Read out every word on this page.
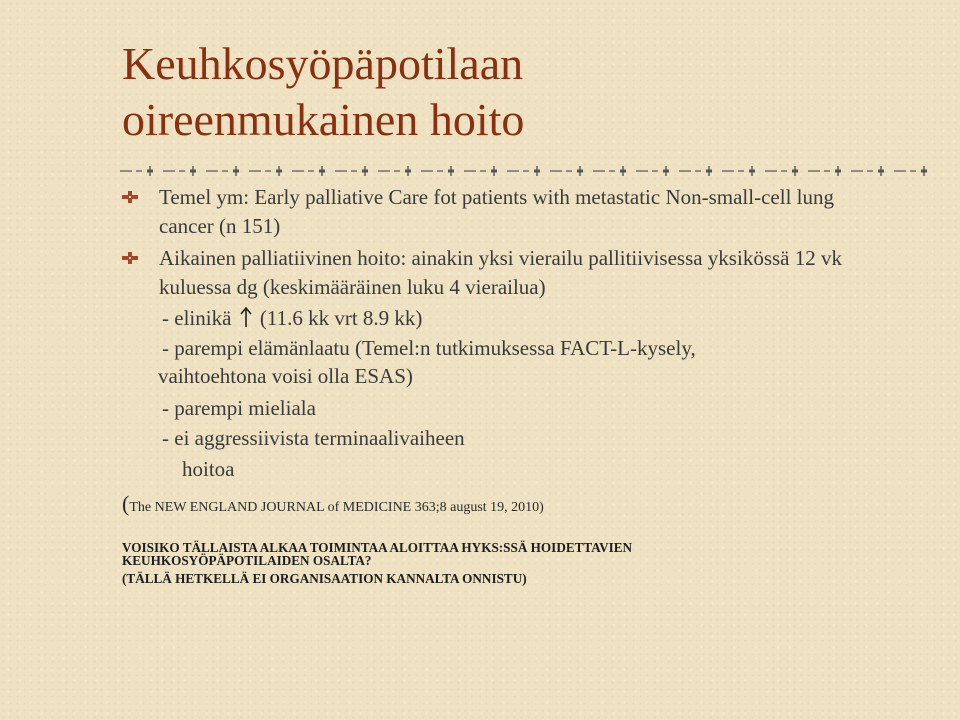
Keuhkosyöpäpotilaan
oireenmukainen hoito
Temel ym: Early palliative Care fot patients with metastatic Non-small-cell lung cancer (n 151)
Aikainen palliatiivinen hoito: ainakin yksi vierailu pallitiivisessa yksikössä 12 vk kuluessa dg (keskimääräinen luku 4 vierailua)
- elinikä (11.6 kk vrt 8.9 kk)
- parempi elämänlaatu (Temel:n tutkimuksessa FACT-L-kysely,
vaihtoehtona voisi olla ESAS)
- parempi mieliala
- ei aggressiivista terminaalivaiheen
hoitoa
(The NEW ENGLAND JOURNAL of MEDICINE 363;8 august 19, 2010)
VOISIKO TÄLLAISTA ALKAA TOIMINTAA ALOITTAA HYKS:SSÄ HOIDETTAVIEN
KEUHKOSYÖPÄPOTILAIDEN OSALTA?
(TÄLLÄ HETKELLÄ EI ORGANISAATION KANNALTA ONNISTU)
